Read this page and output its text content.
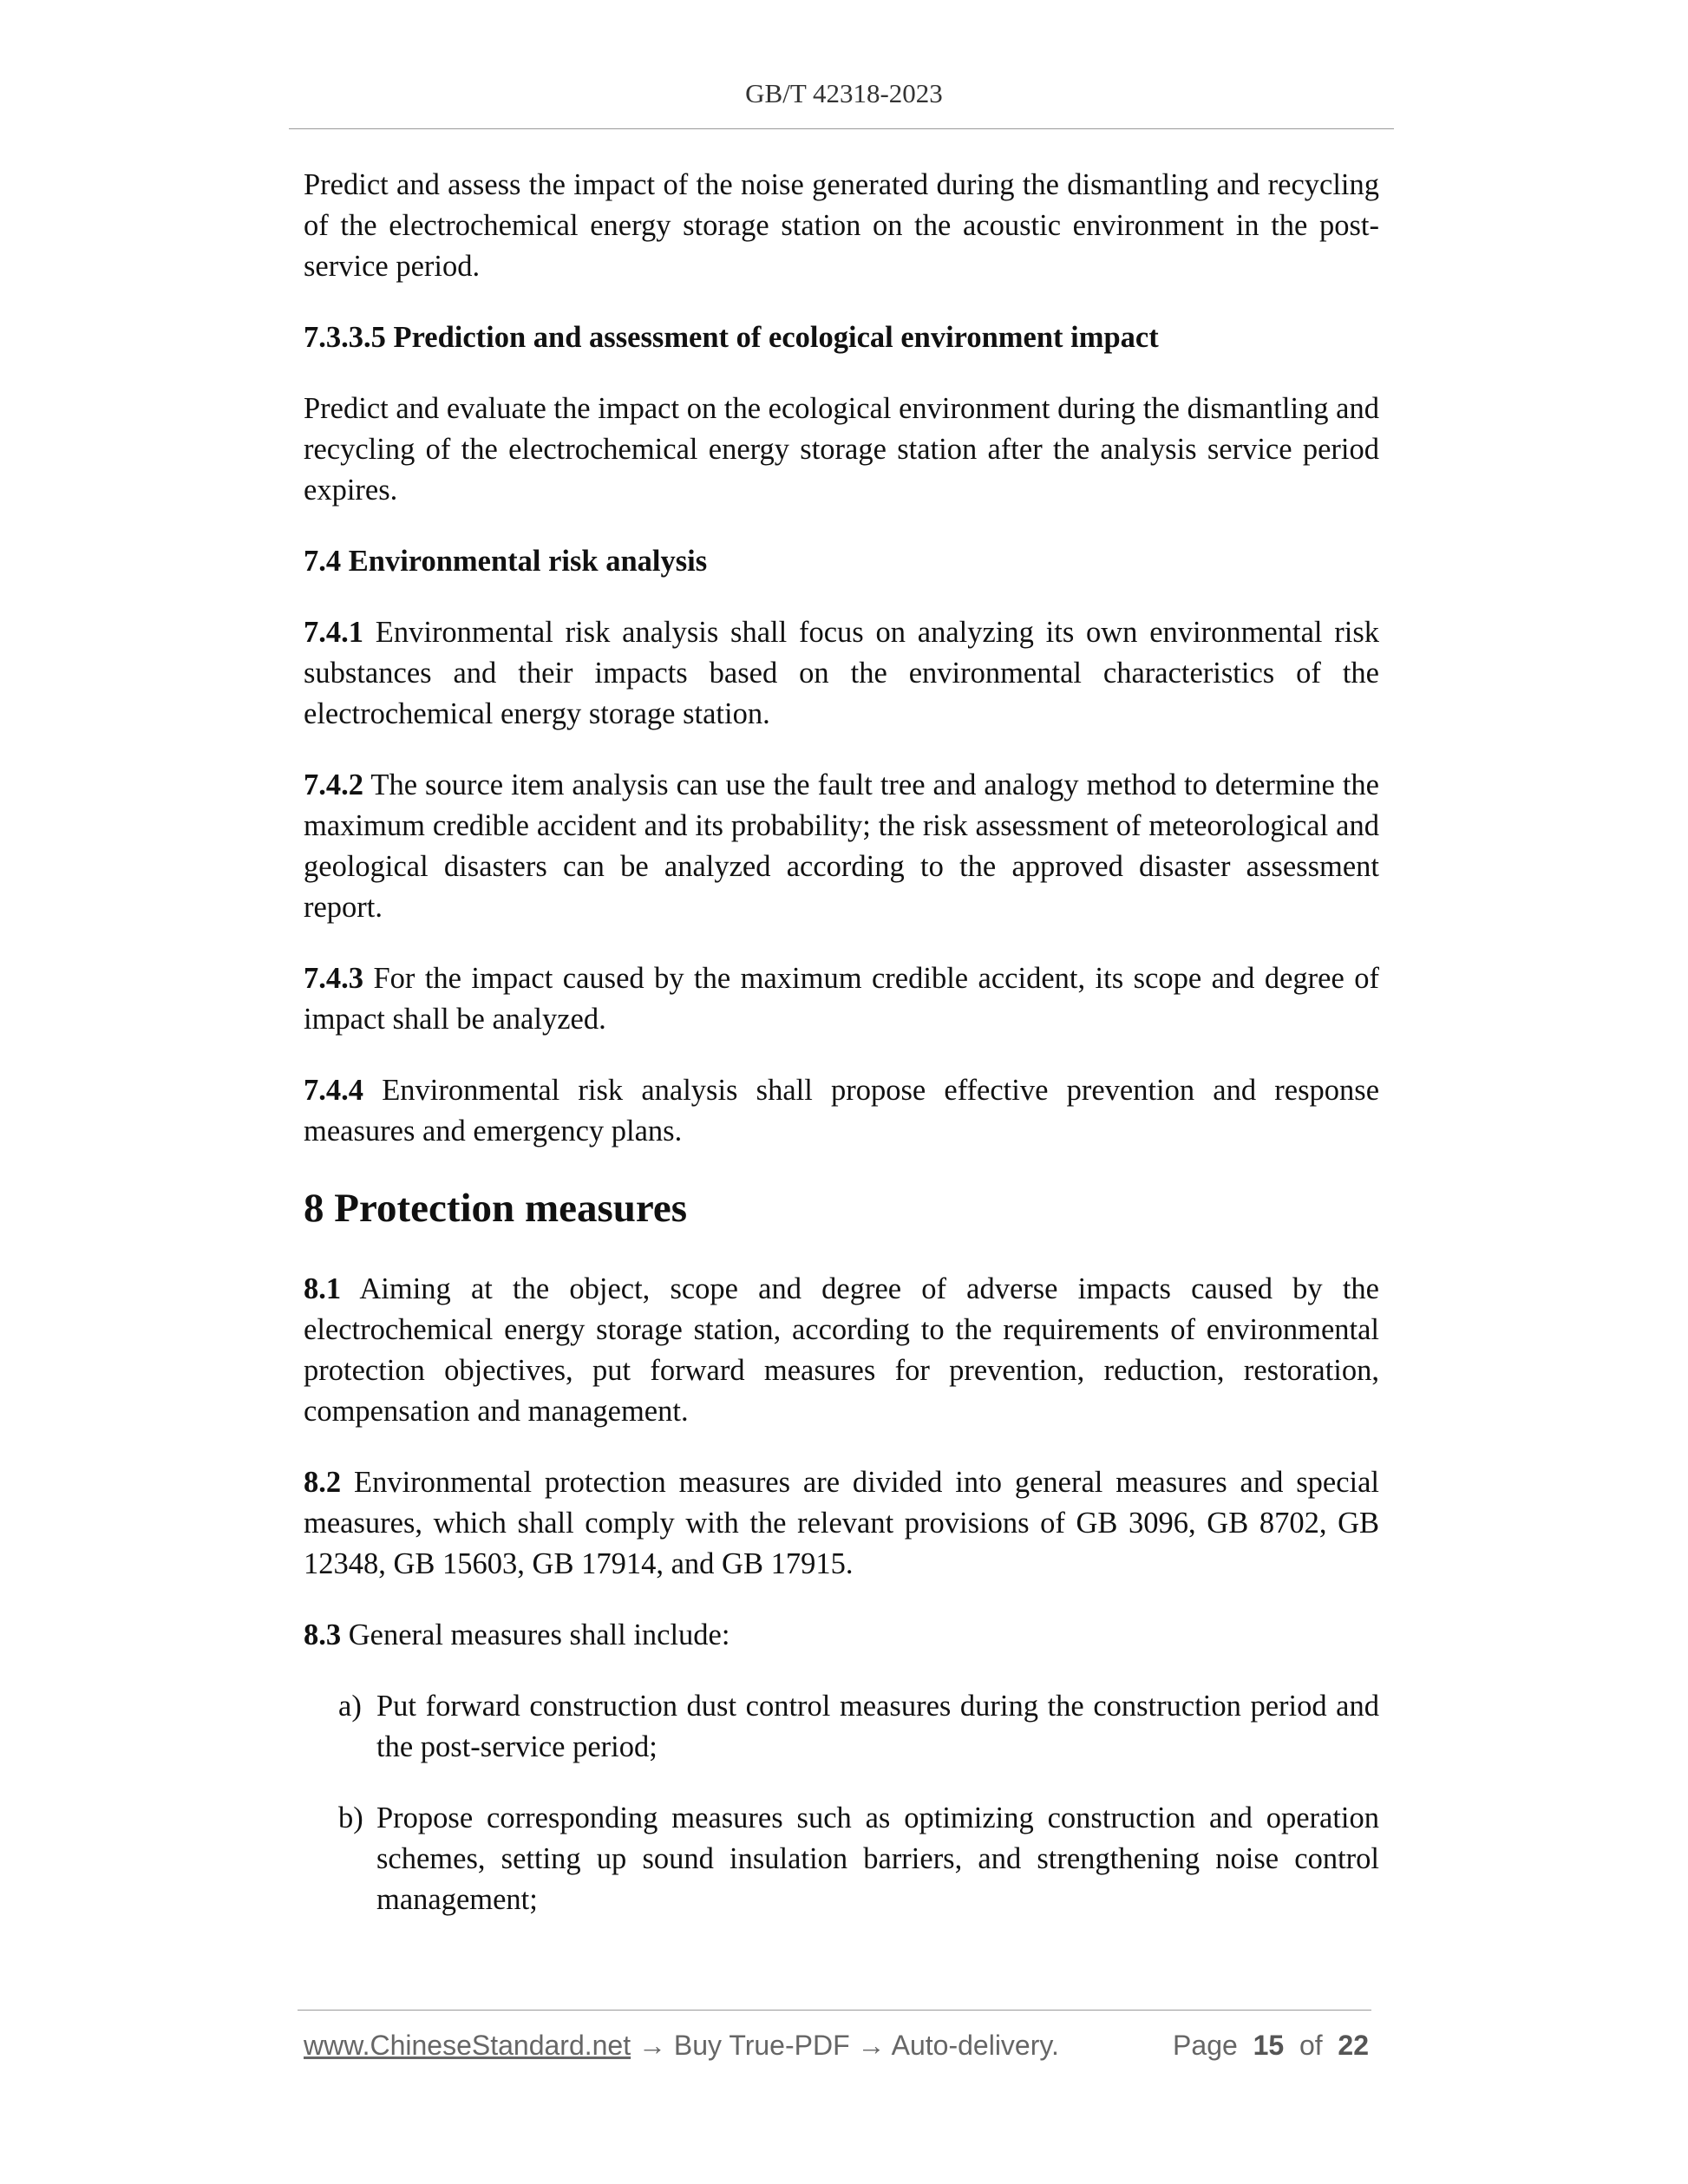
GB/T 42318-2023

Predict and assess the impact of the noise generated during the dismantling and recycling of the electrochemical energy storage station on the acoustic environment in the post-service period.

7.3.3.5 Prediction and assessment of ecological environment impact

Predict and evaluate the impact on the ecological environment during the dismantling and recycling of the electrochemical energy storage station after the analysis service period expires.

7.4 Environmental risk analysis

7.4.1 Environmental risk analysis shall focus on analyzing its own environmental risk substances and their impacts based on the environmental characteristics of the electrochemical energy storage station.

7.4.2 The source item analysis can use the fault tree and analogy method to determine the maximum credible accident and its probability; the risk assessment of meteorological and geological disasters can be analyzed according to the approved disaster assessment report.

7.4.3 For the impact caused by the maximum credible accident, its scope and degree of impact shall be analyzed.

7.4.4 Environmental risk analysis shall propose effective prevention and response measures and emergency plans.

8 Protection measures

8.1 Aiming at the object, scope and degree of adverse impacts caused by the electrochemical energy storage station, according to the requirements of environmental protection objectives, put forward measures for prevention, reduction, restoration, compensation and management.

8.2 Environmental protection measures are divided into general measures and special measures, which shall comply with the relevant provisions of GB 3096, GB 8702, GB 12348, GB 15603, GB 17914, and GB 17915.

8.3 General measures shall include:

a) Put forward construction dust control measures during the construction period and the post-service period;
b) Propose corresponding measures such as optimizing construction and operation schemes, setting up sound insulation barriers, and strengthening noise control management;
www.ChineseStandard.net → Buy True-PDF → Auto-delivery.	Page 15 of 22
